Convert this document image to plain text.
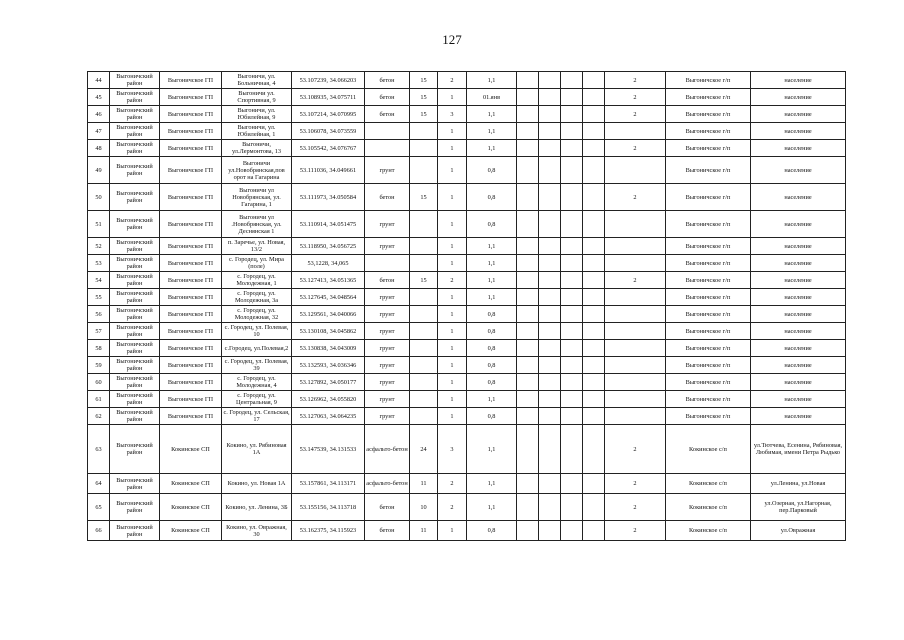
127
44	Выгоничский район	Выгоничское ГП	Выгоничи, ул. Больничная, 4	53.107239, 34.066203	бетон	15	2	1,1					2	Выгоничское г/п	население
45	Выгоничский район	Выгоничское ГП	Выгоничи ул. Спортивная, 9	53.108935, 34.075711	бетон	15	1	01.янв					2	Выгоничское г/п	население
46	Выгоничский район	Выгоничское ГП	Выгоничи, ул. Юбилейная, 9	53.107214, 34.070995	бетон	15	3	1,1					2	Выгоничское г/п	население
47	Выгоничский район	Выгоничское ГП	Выгоничи, ул. Юбилейная, 1	53.106078, 34.073559			1	1,1						Выгоничское г/п	население
48	Выгоничский район	Выгоничское ГП	Выгоничи, ул.Лермонтова, 13	53.105542, 34.076767			1	1,1					2	Выгоничское г/п	население
49	Выгоничский район	Выгоничское ГП	Выгоничи ул.Новобрянская,пов орот на Гагарина	53.111036, 34.049661	грунт		1	0,8						Выгоничское г/п	население
50	Выгоничский район	Выгоничское ГП	Выгоничи ул Новобрянская, ул. Гагарина, 1	53.111973, 34.050584	бетон	15	1	0,8					2	Выгоничское г/п	население
51	Выгоничский район	Выгоничское ГП	Выгоничи ул .Новобрянская, ул. Деснянская 1	53.110914, 34.051475	грунт		1	0,8						Выгоничское г/п	население
52	Выгоничский район	Выгоничское ГП	п. Заречье, ул. Новая, 13/2	53.118950, 34.056725	грунт		1	1,1						Выгоничское г/п	население
53	Выгоничский район	Выгоничское ГП	с. Городец, ул. Мира (поле)	53,1228, 34,065			1	1,1						Выгоничское г/п	население
54	Выгоничский район	Выгоничское ГП	с. Городец, ул. Молодежная, 1	53.127413, 34.051365	бетон	15	2	1,1					2	Выгоничское г/п	население
55	Выгоничский район	Выгоничское ГП	с. Городец, ул. Молодежная, 3а	53.127645, 34.048564	грунт		1	1,1						Выгоничское г/п	население
56	Выгоничский район	Выгоничское ГП	с. Городец, ул. Молодежная, 32	53.129561, 34.040066	грунт		1	0,8						Выгоничское г/п	население
57	Выгоничский район	Выгоничское ГП	с. Городец, ул. Полевая, 10	53.130108, 34.045862	грунт		1	0,8						Выгоничское г/п	население
58	Выгоничский район	Выгоничское ГП	с.Городец, ул.Полевая,2	53.130838, 34.043009	грунт		1	0,8						Выгоничское г/п	население
59	Выгоничский район	Выгоничское ГП	с. Городец, ул. Полевая, 39	53.132593, 34.036346	грунт		1	0,8						Выгоничское г/п	население
60	Выгоничский район	Выгоничское ГП	с. Городец, ул. Молодежная, 4	53.127892, 34.050177	грунт		1	0,8						Выгоничское г/п	население
61	Выгоничский район	Выгоничское ГП	с. Городец, ул. Центральная, 9	53.126962, 34.055820	грунт		1	1,1						Выгоничское г/п	население
62	Выгоничский район	Выгоничское ГП	с. Городец, ул. Сельская, 17	53.127063, 34.064235	грунт		1	0,8						Выгоничское г/п	население
63	Выгоничский район	Кокинское СП	Кокино, ул. Рябиновая 1А	53.147539, 34.131533	асфальто-бетон	24	3	1,1					2	Кокинское с/п	ул.Тютчева, Есенина, Рябиновая, Любимая, имени Петра Рыдько
64	Выгоничский район	Кокинское СП	Кокино, ул. Новая 1А	53.157861, 34.113171	асфальто-бетон	11	2	1,1					2	Кокинское с/п	ул.Ленина, ул.Новая
65	Выгоничский район	Кокинское СП	Кокино, ул. Ленина, 3Б	53.155156, 34.113718	бетон	10	2	1,1					2	Кокинское с/п	ул.Озерная, ул.Нагорная, пер.Парковый
66	Выгоничский район	Кокинское СП	Кокино, ул. Овражная, 30	53.162375, 34.115923	бетон	11	1	0,8					2	Кокинское с/п	ул.Овражная
